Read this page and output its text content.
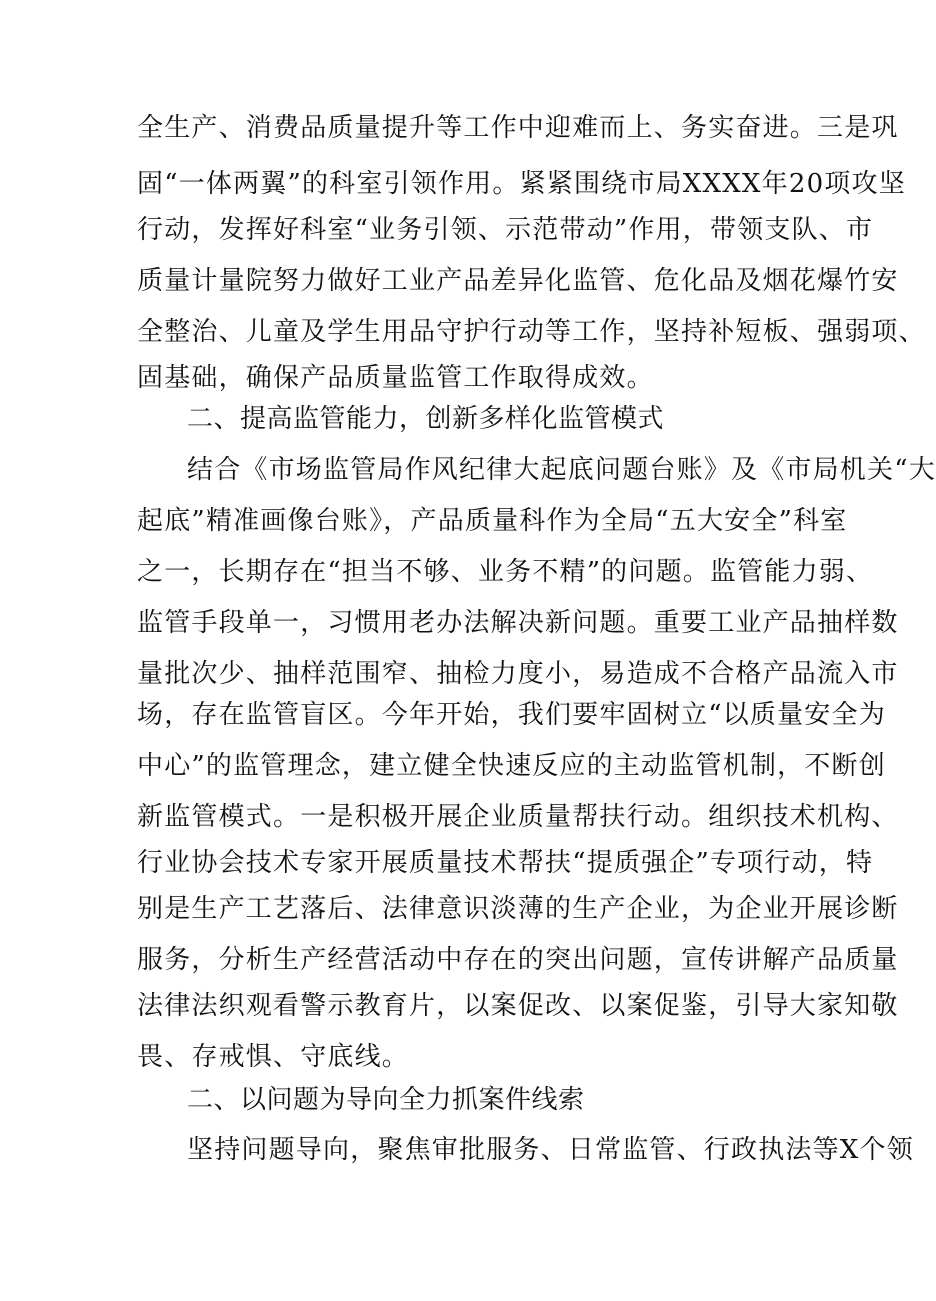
全生产、消费品质量提升等工作中迎难而上、务实奋进。三是巩
固“一体两翼”的科室引领作用。紧紧围绕市局XXXX年20项攻坚
行动，发挥好科室“业务引领、示范带动”作用，带领支队、市
质量计量院努力做好工业产品差异化监管、危化品及烟花爆竹安
全整治、儿童及学生用品守护行动等工作，坚持补短板、强弱项、
固基础，确保产品质量监管工作取得成效。
二、提高监管能力，创新多样化监管模式
结合《市场监管局作风纪律大起底问题台账》及《市局机关“大
起底”精准画像台账》，产品质量科作为全局“五大安全”科室
之一，长期存在“担当不够、业务不精”的问题。监管能力弱、
监管手段单一，习惯用老办法解决新问题。重要工业产品抽样数
量批次少、抽样范围窄、抽检力度小，易造成不合格产品流入市
场，存在监管盲区。今年开始，我们要牢固树立“以质量安全为
中心”的监管理念，建立健全快速反应的主动监管机制，不断创
新监管模式。一是积极开展企业质量帮扶行动。组织技术机构、
行业协会技术专家开展质量技术帮扶“提质强企”专项行动，特
别是生产工艺落后、法律意识淡薄的生产企业，为企业开展诊断
服务，分析生产经营活动中存在的突出问题，宣传讲解产品质量
法律法织观看警示教育片，以案促改、以案促鉴，引导大家知敬
畏、存戒惧、守底线。
二、以问题为导向全力抓案件线索
坚持问题导向，聚焦审批服务、日常监管、行政执法等X个领
